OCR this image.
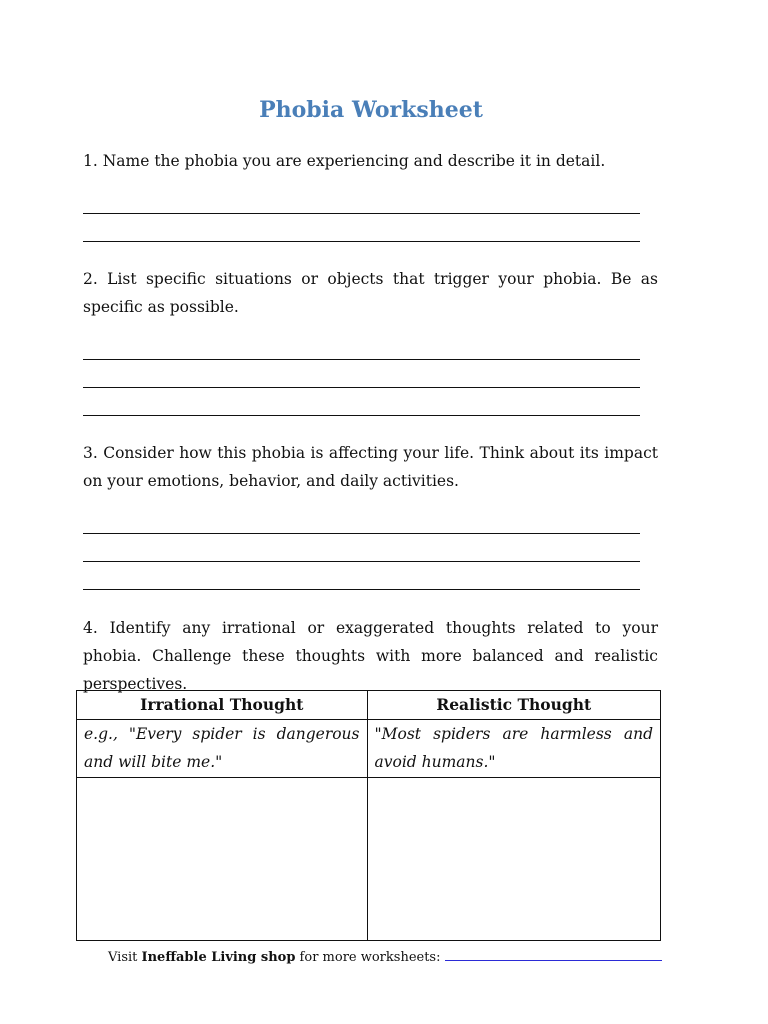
Phobia Worksheet
1. Name the phobia you are experiencing and describe it in detail.
2. List specific situations or objects that trigger your phobia. Be as specific as possible.
3. Consider how this phobia is affecting your life. Think about its impact on your emotions, behavior, and daily activities.
4. Identify any irrational or exaggerated thoughts related to your phobia. Challenge these thoughts with more balanced and realistic perspectives.
Irrational Thought	Realistic Thought
e.g., "Every spider is dangerous and will bite me."	"Most spiders are harmless and avoid humans."

Visit Ineffable Living shop for more worksheets:
